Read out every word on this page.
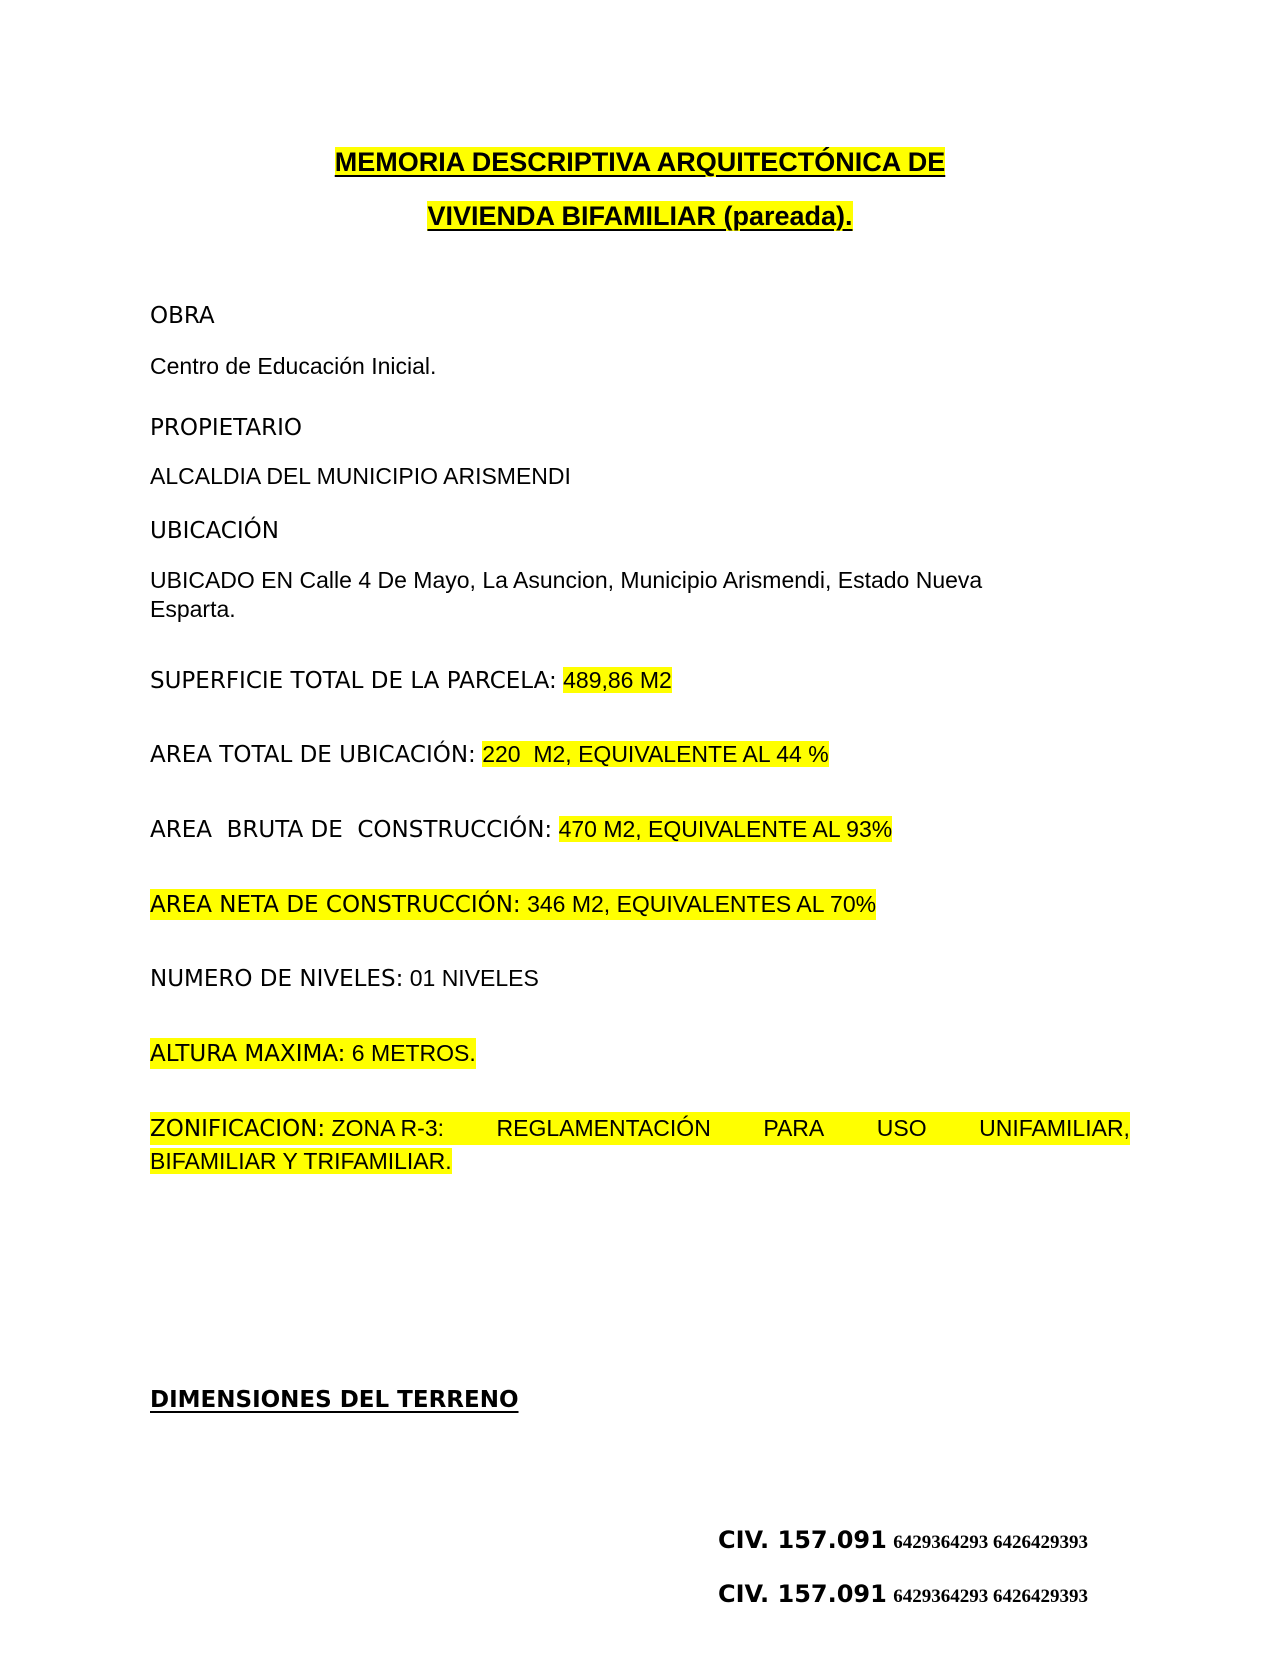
MEMORIA DESCRIPTIVA ARQUITECTÓNICA DE
VIVIENDA BIFAMILIAR (pareada).
OBRA
Centro de Educación Inicial.
PROPIETARIO
ALCALDIA DEL MUNICIPIO ARISMENDI
UBICACIÓN
UBICADO EN Calle 4 De Mayo, La Asuncion, Municipio Arismendi, Estado Nueva
Esparta.
SUPERFICIE TOTAL DE LA PARCELA: 489,86 M2
AREA TOTAL DE UBICACIÓN: 220  M2, EQUIVALENTE AL 44 %
AREA  BRUTA DE  CONSTRUCCIÓN: 470 M2, EQUIVALENTE AL 93%
AREA NETA DE CONSTRUCCIÓN: 346 M2, EQUIVALENTES AL 70%
NUMERO DE NIVELES: 01 NIVELES
ALTURA MAXIMA: 6 METROS.
ZONIFICACION: ZONA R-3: REGLAMENTACIÓN PARA USO UNIFAMILIAR,
BIFAMILIAR Y TRIFAMILIAR.
DIMENSIONES DEL TERRENO
CIV. 157.091 6429364293 6426429393
CIV. 157.091 6429364293 6426429393
